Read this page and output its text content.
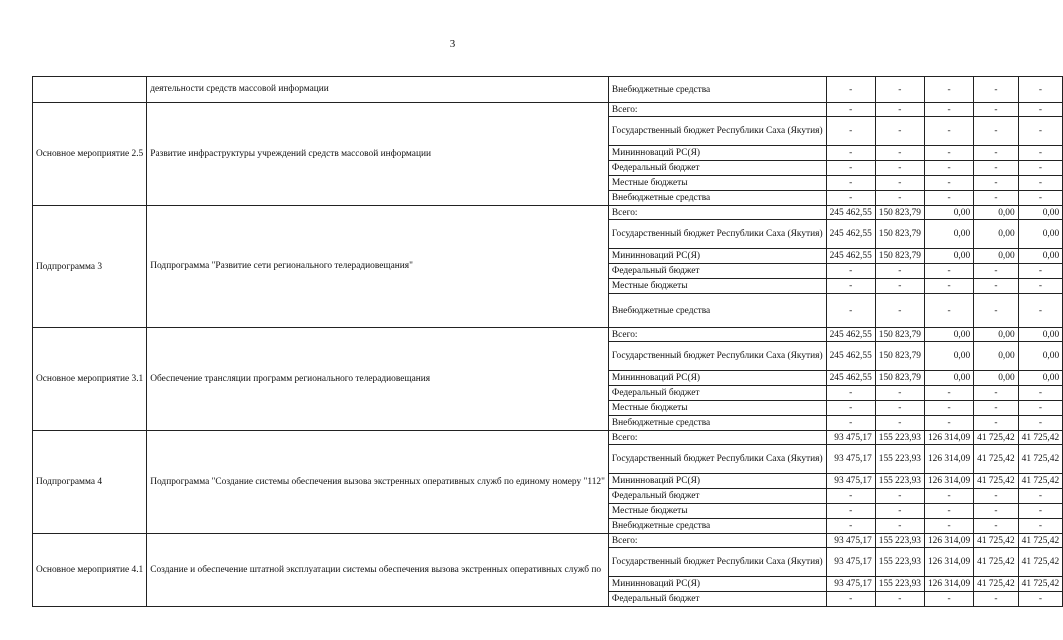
3
	деятельности средств массовой информации	Внебюджетные средства	-	-	-	-	-
Основное мероприятие 2.5	Развитие инфраструктуры учреждений средств массовой информации	Всего:	-	-	-	-	-
		Государственный бюджет Республики Саха (Якутия)	-	-	-	-	-
		Мининноваций РС(Я)	-	-	-	-	-
		Федеральный бюджет	-	-	-	-	-
		Местные бюджеты	-	-	-	-	-
		Внебюджетные средства	-	-	-	-	-
Подпрограмма 3	Подпрограмма "Развитие сети регионального телерадиовещания"	Всего:	245 462,55	150 823,79	0,00	0,00	0,00
		Государственный бюджет Республики Саха (Якутия)	245 462,55	150 823,79	0,00	0,00	0,00
		Мининноваций РС(Я)	245 462,55	150 823,79	0,00	0,00	0,00
		Федеральный бюджет	-	-	-	-	-
		Местные бюджеты	-	-	-	-	-
		Внебюджетные средства	-	-	-	-	-
Основное мероприятие 3.1	Обеспечение трансляции программ регионального телерадиовещания	Всего:	245 462,55	150 823,79	0,00	0,00	0,00
		Государственный бюджет Республики Саха (Якутия)	245 462,55	150 823,79	0,00	0,00	0,00
		Мининноваций РС(Я)	245 462,55	150 823,79	0,00	0,00	0,00
		Федеральный бюджет	-	-	-	-	-
		Местные бюджеты	-	-	-	-	-
		Внебюджетные средства	-	-	-	-	-
Подпрограмма 4	Подпрограмма "Создание системы обеспечения вызова экстренных оперативных служб по единому номеру "112"	Всего:	93 475,17	155 223,93	126 314,09	41 725,42	41 725,42
		Государственный бюджет Республики Саха (Якутия)	93 475,17	155 223,93	126 314,09	41 725,42	41 725,42
		Мининноваций РС(Я)	93 475,17	155 223,93	126 314,09	41 725,42	41 725,42
		Федеральный бюджет	-	-	-	-	-
		Местные бюджеты	-	-	-	-	-
		Внебюджетные средства	-	-	-	-	-
Основное мероприятие 4.1	Создание и обеспечение штатной эксплуатации системы обеспечения вызова экстренных оперативных служб по	Всего:	93 475,17	155 223,93	126 314,09	41 725,42	41 725,42
		Государственный бюджет Республики Саха (Якутия)	93 475,17	155 223,93	126 314,09	41 725,42	41 725,42
		Мининноваций РС(Я)	93 475,17	155 223,93	126 314,09	41 725,42	41 725,42
		Федеральный бюджет	-	-	-	-	-
